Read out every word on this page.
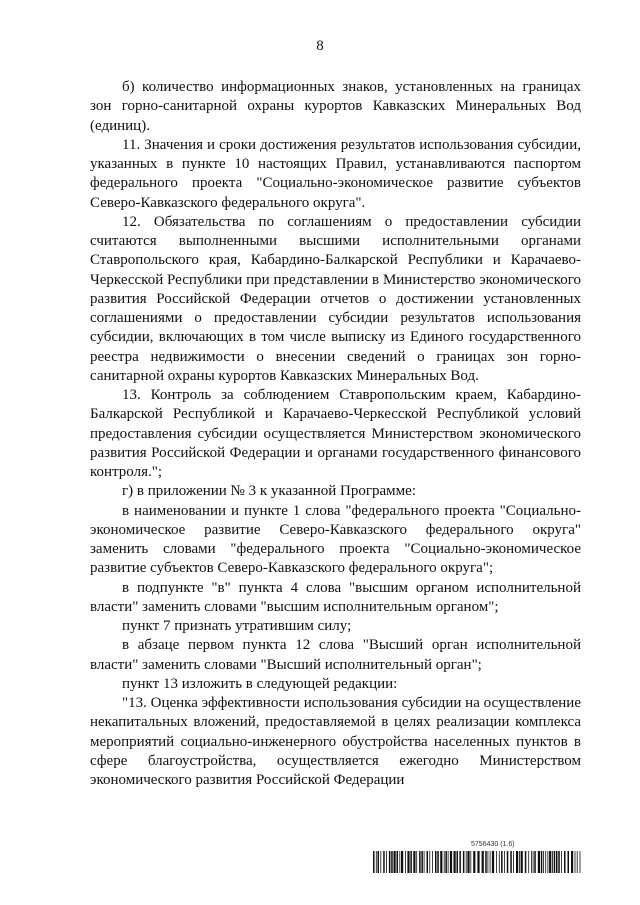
8

б) количество информационных знаков, установленных на границах зон горно-санитарной охраны курортов Кавказских Минеральных Вод (единиц).

11. Значения и сроки достижения результатов использования субсидии, указанных в пункте 10 настоящих Правил, устанавливаются паспортом федерального проекта "Социально-экономическое развитие субъектов Северо-Кавказского федерального округа".

12. Обязательства по соглашениям о предоставлении субсидии считаются выполненными высшими исполнительными органами Ставропольского края, Кабардино-Балкарской Республики и Карачаево-Черкесской Республики при представлении в Министерство экономического развития Российской Федерации отчетов о достижении установленных соглашениями о предоставлении субсидии результатов использования субсидии, включающих в том числе выписку из Единого государственного реестра недвижимости о внесении сведений о границах зон горно-санитарной охраны курортов Кавказских Минеральных Вод.

13. Контроль за соблюдением Ставропольским краем, Кабардино-Балкарской Республикой и Карачаево-Черкесской Республикой условий предоставления субсидии осуществляется Министерством экономического развития Российской Федерации и органами государственного финансового контроля.";

г) в приложении № 3 к указанной Программе:

в наименовании и пункте 1 слова "федерального проекта "Социально-экономическое развитие Северо-Кавказского федерального округа" заменить словами "федерального проекта "Социально-экономическое развитие субъектов Северо-Кавказского федерального округа";

в подпункте "в" пункта 4 слова "высшим органом исполнительной власти" заменить словами "высшим исполнительным органом";

пункт 7 признать утратившим силу;

в абзаце первом пункта 12 слова "Высший орган исполнительной власти" заменить словами "Высший исполнительный орган";

пункт 13 изложить в следующей редакции:

"13. Оценка эффективности использования субсидии на осуществление некапитальных вложений, предоставляемой в целях реализации комплекса мероприятий социально-инженерного обустройства населенных пунктов в сфере благоустройства, осуществляется ежегодно Министерством экономического развития Российской Федерации

5756430 (1.6)
